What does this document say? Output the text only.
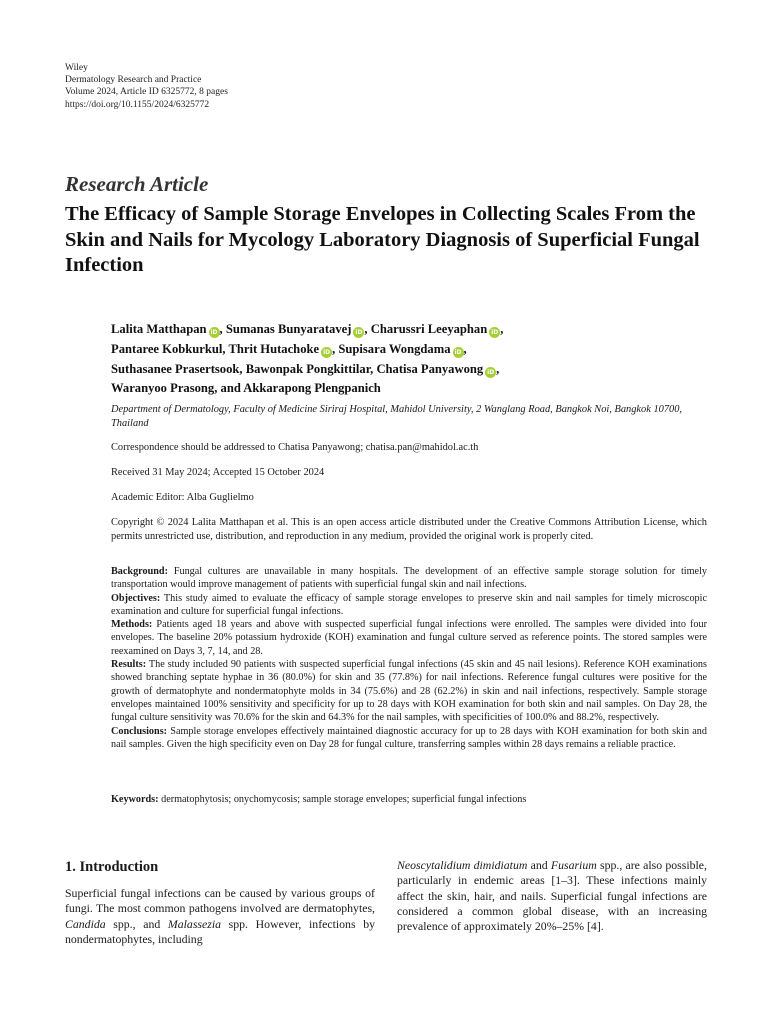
Wiley
Dermatology Research and Practice
Volume 2024, Article ID 6325772, 8 pages
https://doi.org/10.1155/2024/6325772
Research Article
The Efficacy of Sample Storage Envelopes in Collecting Scales From the Skin and Nails for Mycology Laboratory Diagnosis of Superficial Fungal Infection
Lalita Matthapan iD , Sumanas Bunyaratavej iD , Charussri Leeyaphan iD ,
Pantaree Kobkurkul, Thrit Hutachoke iD , Supisara Wongdama iD ,
Suthasanee Prasertsook, Bawonpak Pongkittilar, Chatisa Panyawong iD ,
Waranyoo Prasong, and Akkarapong Plengpanich
Department of Dermatology, Faculty of Medicine Siriraj Hospital, Mahidol University, 2 Wanglang Road, Bangkok Noi, Bangkok 10700, Thailand
Correspondence should be addressed to Chatisa Panyawong; chatisa.pan@mahidol.ac.th
Received 31 May 2024; Accepted 15 October 2024
Academic Editor: Alba Guglielmo
Copyright © 2024 Lalita Matthapan et al. This is an open access article distributed under the Creative Commons Attribution License, which permits unrestricted use, distribution, and reproduction in any medium, provided the original work is properly cited.

Background: Fungal cultures are unavailable in many hospitals. The development of an effective sample storage solution for timely transportation would improve management of patients with superficial fungal skin and nail infections.

Objectives: This study aimed to evaluate the efficacy of sample storage envelopes to preserve skin and nail samples for timely microscopic examination and culture for superficial fungal infections.

Methods: Patients aged 18 years and above with suspected superficial fungal infections were enrolled. The samples were divided into four envelopes. The baseline 20% potassium hydroxide (KOH) examination and fungal culture served as reference points. The stored samples were reexamined on Days 3, 7, 14, and 28.

Results: The study included 90 patients with suspected superficial fungal infections (45 skin and 45 nail lesions). Reference KOH examinations showed branching septate hyphae in 36 (80.0%) for skin and 35 (77.8%) for nail infections. Reference fungal cultures were positive for the growth of dermatophyte and nondermatophyte molds in 34 (75.6%) and 28 (62.2%) in skin and nail infections, respectively. Sample storage envelopes maintained 100% sensitivity and specificity for up to 28 days with KOH examination for both skin and nail samples. On Day 28, the fungal culture sensitivity was 70.6% for the skin and 64.3% for the nail samples, with specificities of 100.0% and 88.2%, respectively.

Conclusions: Sample storage envelopes effectively maintained diagnostic accuracy for up to 28 days with KOH examination for both skin and nail samples. Given the high specificity even on Day 28 for fungal culture, transferring samples within 28 days remains a reliable practice.

Keywords: dermatophytosis; onychomycosis; sample storage envelopes; superficial fungal infections
1. Introduction

Superficial fungal infections can be caused by various groups of fungi. The most common pathogens involved are dermatophytes, Candida spp., and Malassezia spp. However, infections by nondermatophytes, including

Neoscytalidium dimidiatum and Fusarium spp., are also possible, particularly in endemic areas [1–3]. These infections mainly affect the skin, hair, and nails. Superficial fungal infections are considered a common global disease, with an increasing prevalence of approximately 20%–25% [4].
